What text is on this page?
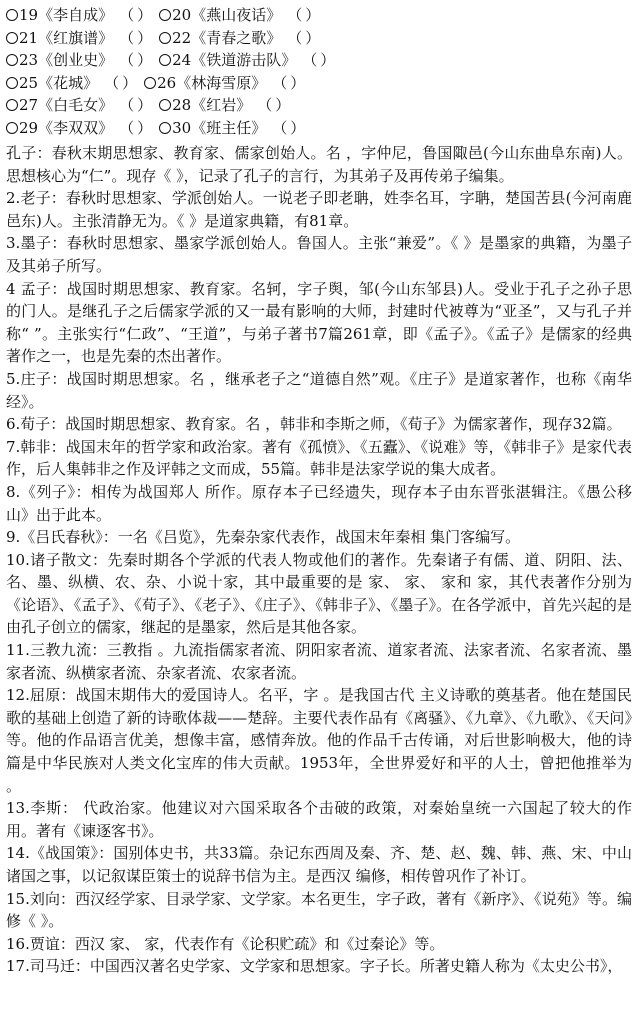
19 《李自成》 （） 20 《燕山夜话》 （）
21 《红旗谱》 （） 22 《青春之歌》 （）
23 《创业史》 （） 24 《铁道游击队》 （）
25 《花城》 （） 26 《林海雪原》 （）
27 《白毛女》 （） 28 《红岩》 （）
29 《李双双》 （） 30 《班主任》 （）

孔子：春秋末期思想家、教育家、儒家创始人。名 ，字仲尼，鲁国陬邑(今山东曲阜东南)人。思想核心为“仁”。现存《 》，记录了孔子的言行，为其弟子及再传弟子编集。

2.老子：春秋时思想家、学派创始人。一说老子即老聃，姓李名耳，字聃，楚国苦县(今河南鹿邑东)人。主张清静无为。《 》是道家典籍，有81章。

3.墨子：春秋时思想家、墨家学派创始人。鲁国人。主张“兼爱”。《 》是墨家的典籍，为墨子及其弟子所写。

4 孟子：战国时期思想家、教育家。名轲，字子舆，邹(今山东邹县)人。受业于孔子之孙子思的门人。是继孔子之后儒家学派的又一最有影响的大师，封建时代被尊为“亚圣”，又与孔子并称“ ”。主张实行“仁政”、“王道”，与弟子著书7篇261章，即《孟子》。《孟子》是儒家的经典著作之一，也是先秦的杰出著作。

5.庄子：战国时期思想家。名 ，继承老子之“道德自然”观。《庄子》是道家著作，也称《南华经》。

6.荀子：战国时期思想家、教育家。名 ，韩非和李斯之师，《荀子》为儒家著作，现存32篇。

7.韩非：战国末年的哲学家和政治家。著有《孤愤》、《五蠹》、《说难》等，《韩非子》是家代表作，后人集韩非之作及评韩之文而成，55篇。韩非是法家学说的集大成者。

8.《列子》：相传为战国郑人 所作。原存本子已经遗失，现存本子由东晋张湛辑注。《愚公移山》出于此本。

9.《吕氏春秋》：一名《吕览》，先秦杂家代表作，战国末年秦相 集门客编写。

10.诸子散文：先秦时期各个学派的代表人物或他们的著作。先秦诸子有儒、道、阴阳、法、名、墨、纵横、农、杂、小说十家，其中最重要的是 家、 家、 家和 家，其代表著作分别为《论语》、《孟子》、《荀子》、《老子》、《庄子》、《韩非子》、《墨子》。在各学派中，首先兴起的是由孔子创立的儒家，继起的是墨家，然后是其他各家。

11.三教九流：三教指 。九流指儒家者流、阴阳家者流、道家者流、法家者流、名家者流、墨家者流、纵横家者流、杂家者流、农家者流。

12.屈原：战国末期伟大的爱国诗人。名平，字 。是我国古代 主义诗歌的奠基者。他在楚国民歌的基础上创造了新的诗歌体裁——楚辞。主要代表作品有《离骚》、《九章》、《九歌》、《天问》等。他的作品语言优美，想像丰富，感情奔放。他的作品千古传诵，对后世影响极大，他的诗篇是中华民族对人类文化宝库的伟大贡献。1953年，全世界爱好和平的人士，曾把他推举为 。

13.李斯： 代政治家。他建议对六国采取各个击破的政策，对秦始皇统一六国起了较大的作用。著有《谏逐客书》。

14.《战国策》：国别体史书，共33篇。杂记东西周及秦、齐、楚、赵、魏、韩、燕、宋、中山诸国之事，以记叙谋臣策士的说辞书信为主。是西汉 编修，相传曾巩作了补订。

15.刘向：西汉经学家、目录学家、文学家。本名更生，字子政，著有《新序》、《说苑》等。编修《 》。

16.贾谊：西汉 家、 家，代表作有《论积贮疏》和《过秦论》等。

17.司马迁：中国西汉著名史学家、文学家和思想家。字子长。所著史籍人称为《太史公书》，
